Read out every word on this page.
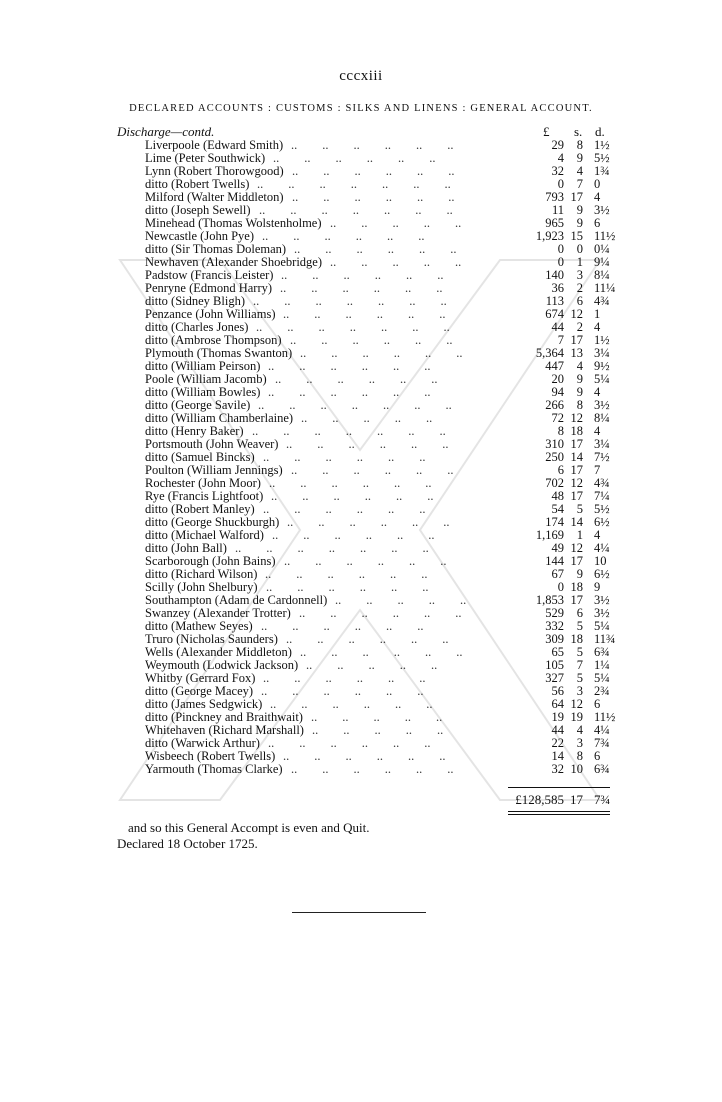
cccxiii
DECLARED ACCOUNTS : CUSTOMS : SILKS AND LINENS : GENERAL ACCOUNT.
Discharge—contd.	£ s. d.
Liverpoole (Edward Smith) ..        ..        ..        ..        ..        ..	29	8 1½
Lime (Peter Southwick) ..        ..        ..        ..        ..        ..	4	9 5½
Lynn (Robert Thorowgood) ..        ..        ..        ..        ..        ..	32	4 1¾
ditto (Robert Twells) ..        ..        ..        ..        ..        ..        ..	0	7 0
Milford (Walter Middleton) ..        ..        ..        ..        ..        ..	793 17 4
ditto (Joseph Sewell) ..        ..        ..        ..        ..        ..        ..	11	9 3½
Minehead (Thomas Wolstenholme) ..        ..        ..        ..        ..	965	9 6
Newcastle (John Pye) ..        ..        ..        ..        ..        ..	1,923 15 11½
ditto (Sir Thomas Doleman) ..        ..        ..        ..        ..        ..	0	0 0¼
Newhaven (Alexander Shoebridge) ..        ..        ..        ..        ..	0	1 9¼
Padstow (Francis Leister) ..        ..        ..        ..        ..        ..	140	3 8¼
Penryne (Edmond Harry) ..        ..        ..        ..        ..        ..	36	2 11¼
ditto (Sidney Bligh) ..        ..        ..        ..        ..        ..        ..	113	6 4¾
Penzance (John Williams) ..        ..        ..        ..        ..        ..	674 12 1
ditto (Charles Jones) ..        ..        ..        ..        ..        ..        ..	44	2 4
ditto (Ambrose Thompson) ..        ..        ..        ..        ..        ..	7 17 1½
Plymouth (Thomas Swanton) ..        ..        ..        ..        ..        ..	5,364 13 3¼
ditto (William Peirson) ..        ..        ..        ..        ..        ..	447	4 9½
Poole (William Jacomb) ..        ..        ..        ..        ..        ..	20	9 5¼
ditto (William Bowles) ..        ..        ..        ..        ..        ..	94	9 4
ditto (George Savile) ..        ..        ..        ..        ..        ..        ..	266	8 3½
ditto (William Chamberlaine) ..        ..        ..        ..        ..	72 12 8¼
ditto (Henry Baker) ..        ..        ..        ..        ..        ..        ..	8 18 4
Portsmouth (John Weaver) ..        ..        ..        ..        ..        ..	310 17 3¼
ditto (Samuel Bincks) ..        ..        ..        ..        ..        ..	250 14 7½
Poulton (William Jennings) ..        ..        ..        ..        ..        ..	6 17 7
Rochester (John Moor) ..        ..        ..        ..        ..        ..	702 12 4¾
Rye (Francis Lightfoot) ..        ..        ..        ..        ..        ..	48 17 7¼
ditto (Robert Manley) ..        ..        ..        ..        ..        ..	54	5 5½
ditto (George Shuckburgh) ..        ..        ..        ..        ..        ..	174 14 6½
ditto (Michael Walford) ..        ..        ..        ..        ..        ..	1,169	1 4
ditto (John Ball) ..        ..        ..        ..        ..        ..        ..	49 12 4¼
Scarborough (John Bains) ..        ..        ..        ..        ..        ..	144 17 10
ditto (Richard Wilson) ..        ..        ..        ..        ..        ..	67	9 6½
Scilly (John Shelbury) ..        ..        ..        ..        ..        ..	0 18 9
Southampton (Adam de Cardonnell) ..        ..        ..        ..        ..	1,853 17 3½
Swanzey (Alexander Trotter) ..        ..        ..        ..        ..        ..	529	6 3½
ditto (Mathew Seyes) ..        ..        ..        ..        ..        ..	332	5 5¼
Truro (Nicholas Saunders) ..        ..        ..        ..        ..        ..	309 18 11¾
Wells (Alexander Middleton) ..        ..        ..        ..        ..        ..	65	5 6¾
Weymouth (Lodwick Jackson) ..        ..        ..        ..        ..	105	7 1¼
Whitby (Gerrard Fox) ..        ..        ..        ..        ..        ..	327	5 5¼
ditto (George Macey) ..        ..        ..        ..        ..        ..	56	3 2¾
ditto (James Sedgwick) ..        ..        ..        ..        ..        ..	64 12 6
ditto (Pinckney and Braithwait) ..        ..        ..        ..        ..	19 19 11½
Whitehaven (Richard Marshall) ..        ..        ..        ..        ..	44	4 4¼
ditto (Warwick Arthur) ..        ..        ..        ..        ..        ..	22	3 7¾
Wisbeech (Robert Twells) ..        ..        ..        ..        ..        ..	14	8 6
Yarmouth (Thomas Clarke) ..        ..        ..        ..        ..        ..	32 10 6¾
£128,585 17 7¾
and so this General Accompt is even and Quit.
Declared 18 October 1725.
